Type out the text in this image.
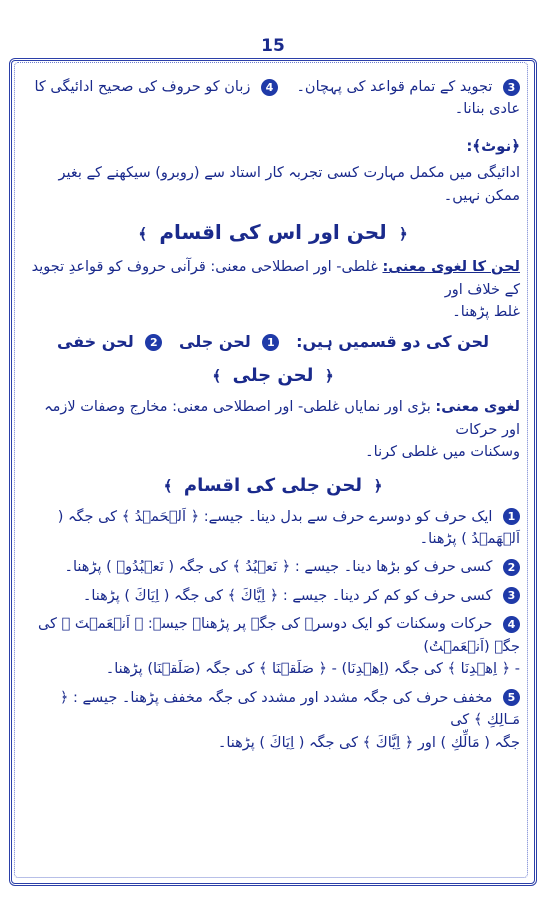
15
3 تجوید کے تمام قواعد کی پہچان۔    4 زبان کو حروف کی صحیح ادائیگی کا عادی بنانا۔
﴿نوٹ﴾:
ادائیگی میں مکمل مہارت کسی تجربہ کار استاد سے (روبرو) سیکھنے کے بغیر ممکن نہیں۔
﴿  لحن اور اس کی اقسام  ﴾
لحن کا لغوی معنی: غلطی- اور اصطلاحی معنی: قرآنی حروف کو قواعدِ تجوید کے خلاف اور
غلط پڑھنا۔
لحن کی دو قسمیں ہیں:   1 لحن جلی   2 لحن خفی
﴿  لحن جلی  ﴾
لغوی معنی: بڑی اور نمایاں غلطی- اور اصطلاحی معنی: مخارج وصفات لازمہ اور حرکات
وسکنات میں غلطی کرنا۔
﴿  لحن جلی کی اقسام  ﴾
1 ایک حرف کو دوسرے حرف سے بدل دینا۔ جیسے: ﴿ اَلۡحَمۡدُ ﴾ کی جگہ ( اَلۡھَمۡدُ ) پڑھنا۔
2 کسی حرف کو بڑھا دینا۔ جیسے : ﴿ نَعۡبُدُ ﴾ کی جگہ ( نَعۡبُدُوۡ ) پڑھنا۔
3 کسی حرف کو کم کر دینا۔ جیسے : ﴿ اِیَّاكَ ﴾ کی جگہ ( اِیَاكَ ) پڑھنا۔
4 حرکات وسکنات کو ایک دوسرے کی جگہ پر پڑھنا۔ جیسے: ﴿ اَنۡعَمۡتَ ﴾ کی جگہ (اَنۡعَمۡتُ)
- ﴿ اِھۡدِنَا ﴾ کی جگہ (اِھۡدِنَا) - ﴿ صَلَقۡنَا ﴾ کی جگہ (صَلَقۡنَا) پڑھنا۔
5 مخفف حرف کی جگہ مشدد اور مشدد کی جگہ مخفف پڑھنا۔ جیسے : ﴿ مَـالِكِ ﴾ کی
جگہ ( مَالِّكِ ) اور ﴿ اِیَّاكَ ﴾ کی جگہ ( اِیَاكَ ) پڑھنا۔
